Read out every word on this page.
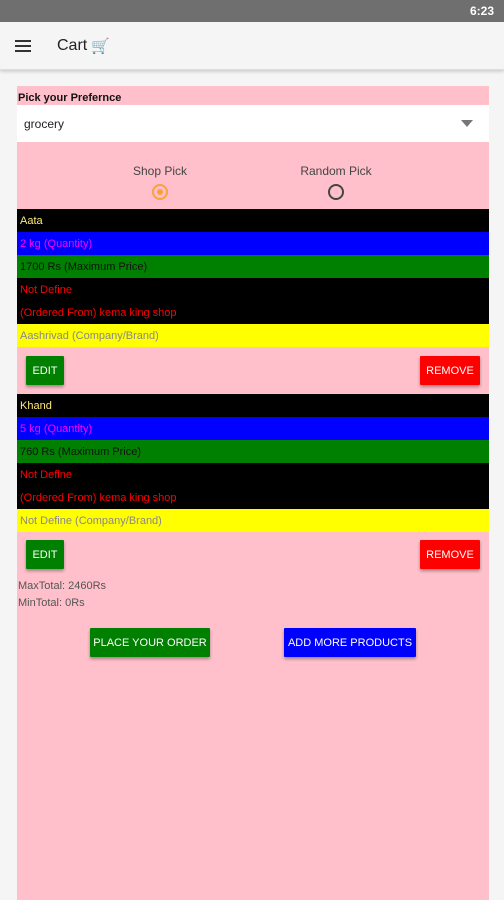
6:23
Cart 🛒
Pick your Prefernce
grocery
Shop Pick	Random Pick
Aata
2 kg (Quantity)
1700 Rs (Maximum Price)
Not Define
(Ordered From) kema king shop
Aashrivad (Company/Brand)
EDIT	REMOVE
Khand
5 kg (Quantity)
760 Rs (Maximum Price)
Not Define
(Ordered From) kema king shop
Not Define (Company/Brand)
EDIT	REMOVE
MaxTotal: 2460Rs
MinTotal: 0Rs
PLACE YOUR ORDER	ADD MORE PRODUCTS
